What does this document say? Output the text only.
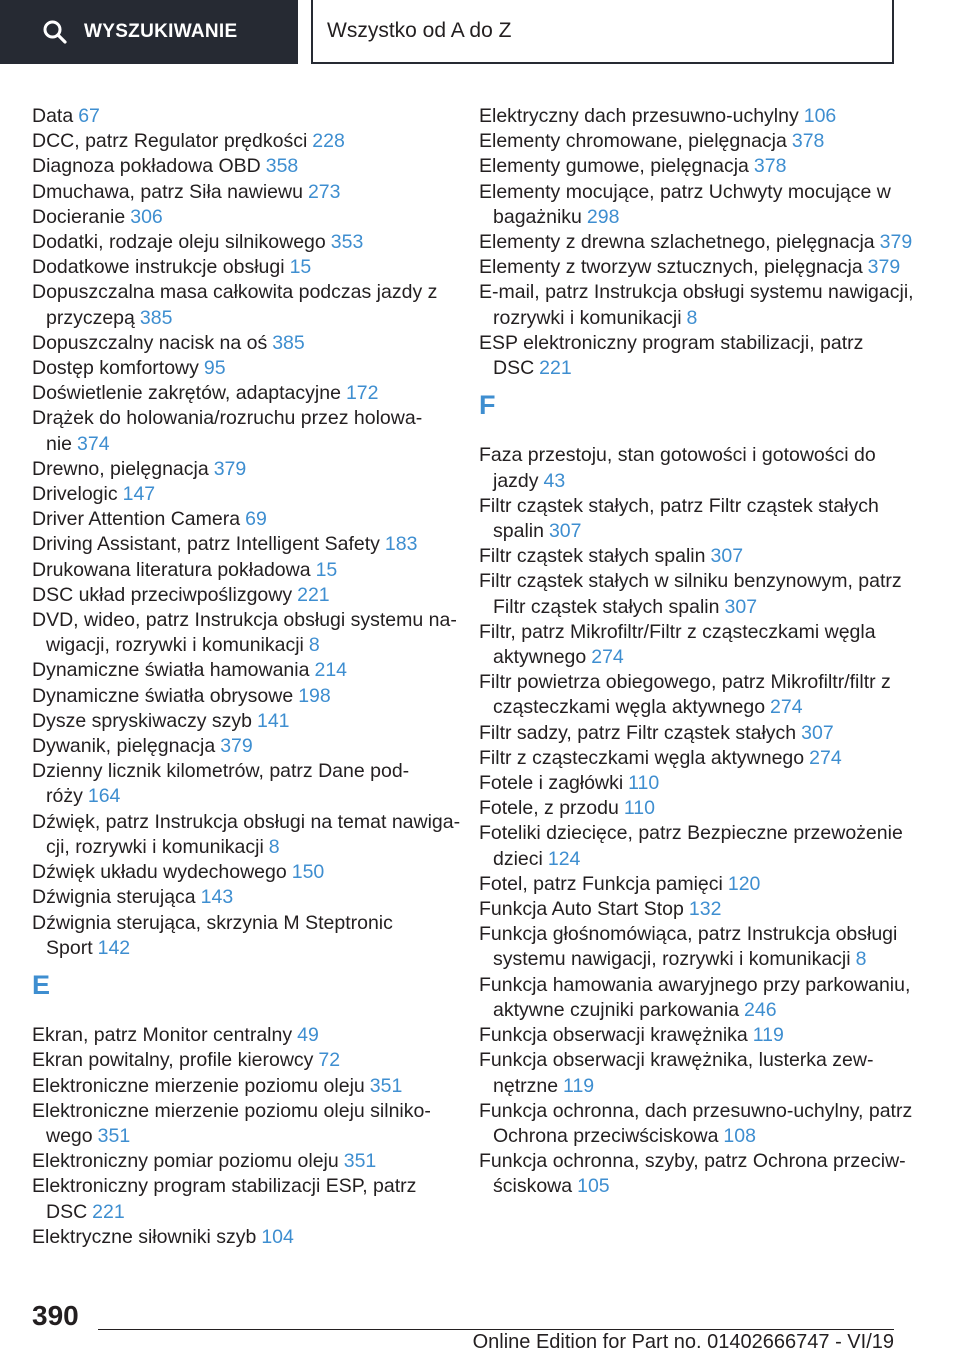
WYSZUKIWANIE	Wszystko od A do Z
Data 67
DCC, patrz Regulator prędkości 228
Diagnoza pokładowa OBD 358
Dmuchawa, patrz Siła nawiewu 273
Docieranie 306
Dodatki, rodzaje oleju silnikowego 353
Dodatkowe instrukcje obsługi 15
Dopuszczalna masa całkowita podczas jazdy z przyczepą 385
Dopuszczalny nacisk na oś 385
Dostęp komfortowy 95
Doświetlenie zakrętów, adaptacyjne 172
Drążek do holowania/rozruchu przez holowanie 374
Drewno, pielęgnacja 379
Drivelogic 147
Driver Attention Camera 69
Driving Assistant, patrz Intelligent Safety 183
Drukowana literatura pokładowa 15
DSC układ przeciwpoślizgowy 221
DVD, wideo, patrz Instrukcja obsługi systemu nawigacji, rozrywki i komunikacji 8
Dynamiczne światła hamowania 214
Dynamiczne światła obrysowe 198
Dysze spryskiwaczy szyb 141
Dywanik, pielęgnacja 379
Dzienny licznik kilometrów, patrz Dane podróży 164
Dźwięk, patrz Instrukcja obsługi na temat nawigacji, rozrywki i komunikacji 8
Dźwięk układu wydechowego 150
Dźwignia sterująca 143
Dźwignia sterująca, skrzynia M Steptronic Sport 142
E
Ekran, patrz Monitor centralny 49
Ekran powitalny, profile kierowcy 72
Elektroniczne mierzenie poziomu oleju 351
Elektroniczne mierzenie poziomu oleju silnikowego 351
Elektroniczny pomiar poziomu oleju 351
Elektroniczny program stabilizacji ESP, patrz DSC 221
Elektryczne siłowniki szyb 104
Elektryczny dach przesuwno-uchylny 106
Elementy chromowane, pielęgnacja 378
Elementy gumowe, pielęgnacja 378
Elementy mocujące, patrz Uchwyty mocujące w bagażniku 298
Elementy z drewna szlachetnego, pielęgnacja 379
Elementy z tworzyw sztucznych, pielęgnacja 379
E-mail, patrz Instrukcja obsługi systemu nawigacji, rozrywki i komunikacji 8
ESP elektroniczny program stabilizacji, patrz DSC 221
F
Faza przestoju, stan gotowości i gotowości do jazdy 43
Filtr cząstek stałych, patrz Filtr cząstek stałych spalin 307
Filtr cząstek stałych spalin 307
Filtr cząstek stałych w silniku benzynowym, patrz Filtr cząstek stałych spalin 307
Filtr, patrz Mikrofiltr/Filtr z cząsteczkami węgla aktywnego 274
Filtr powietrza obiegowego, patrz Mikrofiltr/filtr z cząsteczkami węgla aktywnego 274
Filtr sadzy, patrz Filtr cząstek stałych 307
Filtr z cząsteczkami węgla aktywnego 274
Fotele i zagłówki 110
Fotele, z przodu 110
Foteliki dziecięce, patrz Bezpieczne przewożenie dzieci 124
Fotel, patrz Funkcja pamięci 120
Funkcja Auto Start Stop 132
Funkcja głośnomówiąca, patrz Instrukcja obsługi systemu nawigacji, rozrywki i komunikacji 8
Funkcja hamowania awaryjnego przy parkowaniu, aktywne czujniki parkowania 246
Funkcja obserwacji krawężnika 119
Funkcja obserwacji krawężnika, lusterka zewnętrzne 119
Funkcja ochronna, dach przesuwno-uchylny, patrz Ochrona przeciwściskowa 108
Funkcja ochronna, szyby, patrz Ochrona przeciwściskowa 105
390
Online Edition for Part no. 01402666747 - VI/19
